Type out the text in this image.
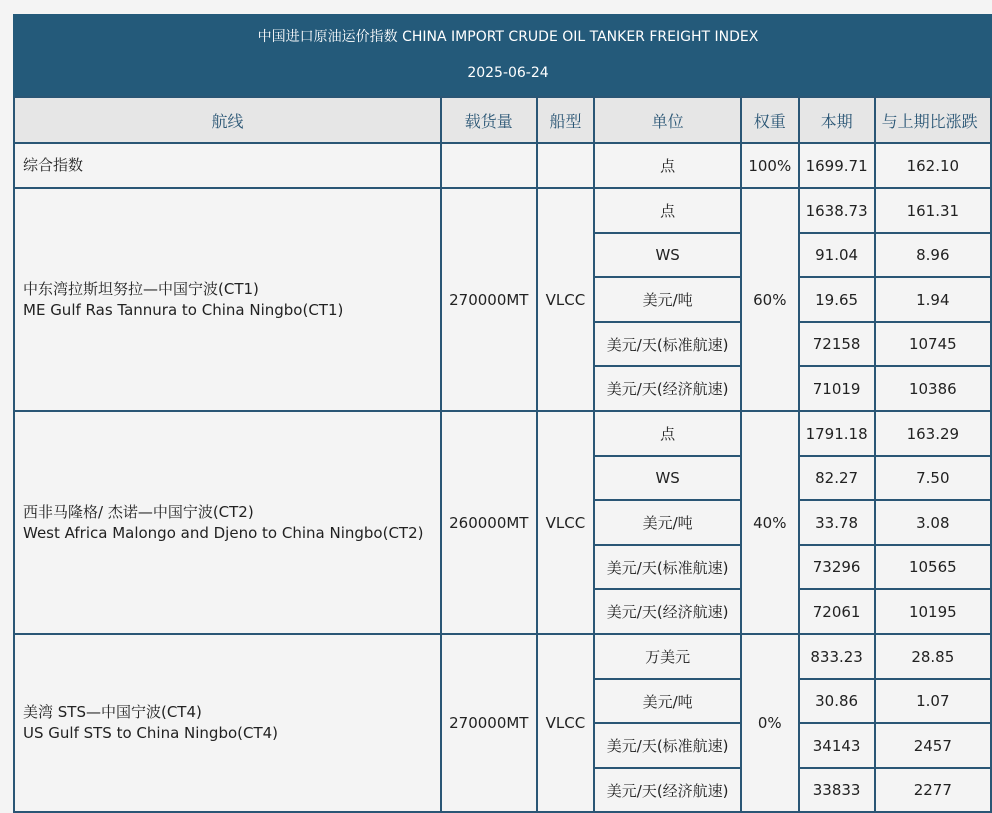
中国进口原油运价指数 CHINA IMPORT CRUDE OIL TANKER FREIGHT INDEX
2025-06-24
航线	载货量	船型	单位	权重	本期	与上期比涨跌
综合指数			点	100%	1699.71	162.10
中东湾拉斯坦努拉—中国宁波(CT1)
ME Gulf Ras Tannura to China Ningbo(CT1)	270000MT	VLCC	点	60%	1638.73	161.31
			WS		91.04	8.96
			美元/吨		19.65	1.94
			美元/天(标准航速)		72158	10745
			美元/天(经济航速)		71019	10386
西非马隆格/ 杰诺—中国宁波(CT2)
West Africa Malongo and Djeno to China Ningbo(CT2)	260000MT	VLCC	点	40%	1791.18	163.29
			WS		82.27	7.50
			美元/吨		33.78	3.08
			美元/天(标准航速)		73296	10565
			美元/天(经济航速)		72061	10195
美湾 STS—中国宁波(CT4)
US Gulf STS to China Ningbo(CT4)	270000MT	VLCC	万美元	0%	833.23	28.85
			美元/吨		30.86	1.07
			美元/天(标准航速)		34143	2457
			美元/天(经济航速)		33833	2277
